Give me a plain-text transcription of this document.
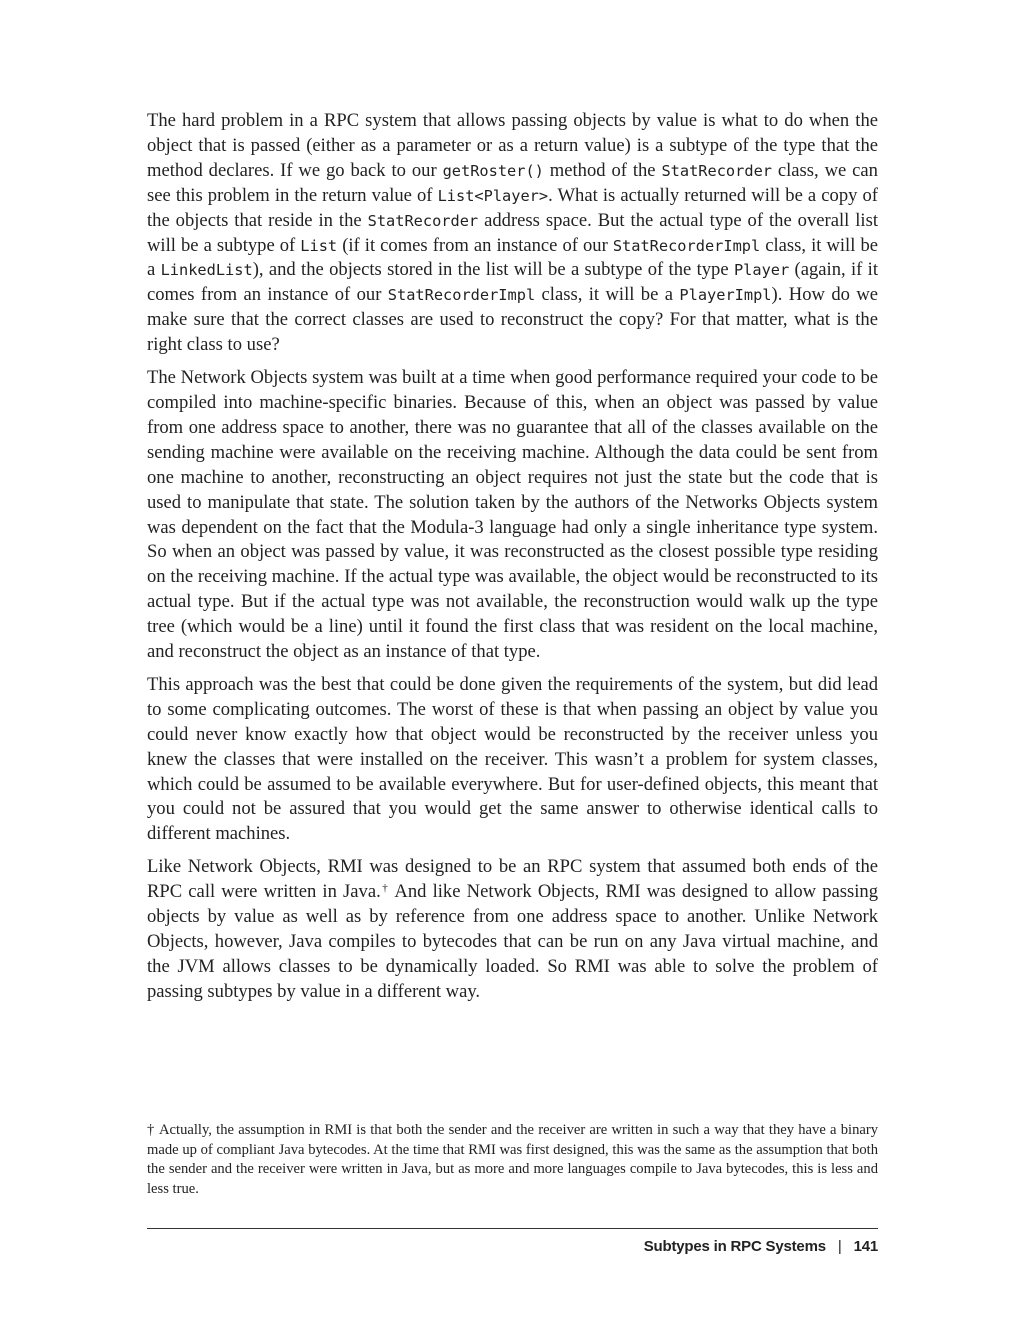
The hard problem in a RPC system that allows passing objects by value is what to do when the object that is passed (either as a parameter or as a return value) is a subtype of the type that the method declares. If we go back to our getRoster() method of the StatRecorder class, we can see this problem in the return value of List<Player>. What is actually returned will be a copy of the objects that reside in the StatRecorder address space. But the actual type of the overall list will be a subtype of List (if it comes from an instance of our StatRecorderImpl class, it will be a LinkedList), and the objects stored in the list will be a subtype of the type Player (again, if it comes from an instance of our StatRecorderImpl class, it will be a PlayerImpl). How do we make sure that the correct classes are used to reconstruct the copy? For that matter, what is the right class to use?

The Network Objects system was built at a time when good performance required your code to be compiled into machine-specific binaries. Because of this, when an object was passed by value from one address space to another, there was no guarantee that all of the classes available on the sending machine were available on the receiving machine. Although the data could be sent from one machine to another, reconstructing an object requires not just the state but the code that is used to manipulate that state. The solution taken by the authors of the Networks Objects system was dependent on the fact that the Modula-3 language had only a single inheritance type system. So when an object was passed by value, it was reconstructed as the closest possible type residing on the receiving machine. If the actual type was available, the object would be reconstructed to its actual type. But if the actual type was not available, the reconstruction would walk up the type tree (which would be a line) until it found the first class that was resident on the local machine, and reconstruct the object as an instance of that type.

This approach was the best that could be done given the requirements of the system, but did lead to some complicating outcomes. The worst of these is that when passing an object by value you could never know exactly how that object would be reconstructed by the receiver unless you knew the classes that were installed on the receiver. This wasn’t a problem for system classes, which could be assumed to be available everywhere. But for user-defined objects, this meant that you could not be assured that you would get the same answer to otherwise identical calls to different machines.

Like Network Objects, RMI was designed to be an RPC system that assumed both ends of the RPC call were written in Java.† And like Network Objects, RMI was designed to allow passing objects by value as well as by reference from one address space to another. Unlike Network Objects, however, Java compiles to bytecodes that can be run on any Java virtual machine, and the JVM allows classes to be dynamically loaded. So RMI was able to solve the problem of passing subtypes by value in a different way.

† Actually, the assumption in RMI is that both the sender and the receiver are written in such a way that they have a binary made up of compliant Java bytecodes. At the time that RMI was first designed, this was the same as the assumption that both the sender and the receiver were written in Java, but as more and more languages compile to Java bytecodes, this is less and less true.

Subtypes in RPC Systems | 141
